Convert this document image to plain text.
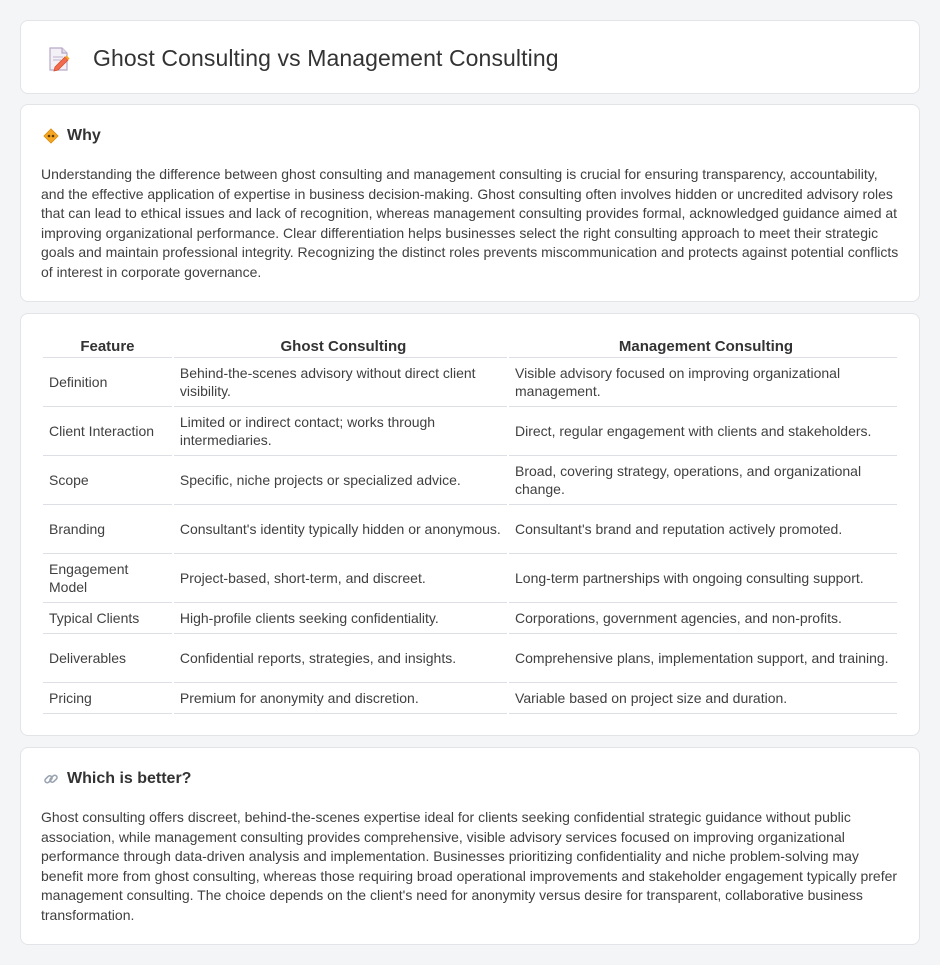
Ghost Consulting vs Management Consulting
Why

Understanding the difference between ghost consulting and management consulting is crucial for ensuring transparency, accountability, and the effective application of expertise in business decision-making. Ghost consulting often involves hidden or uncredited advisory roles that can lead to ethical issues and lack of recognition, whereas management consulting provides formal, acknowledged guidance aimed at improving organizational performance. Clear differentiation helps businesses select the right consulting approach to meet their strategic goals and maintain professional integrity. Recognizing the distinct roles prevents miscommunication and protects against potential conflicts of interest in corporate governance.

Feature	Ghost Consulting	Management Consulting
Definition	Behind-the-scenes advisory without direct client visibility.	Visible advisory focused on improving organizational management.
Client Interaction	Limited or indirect contact; works through intermediaries.	Direct, regular engagement with clients and stakeholders.
Scope	Specific, niche projects or specialized advice.	Broad, covering strategy, operations, and organizational change.
Branding	Consultant's identity typically hidden or anonymous.	Consultant's brand and reputation actively promoted.
Engagement Model	Project-based, short-term, and discreet.	Long-term partnerships with ongoing consulting support.
Typical Clients	High-profile clients seeking confidentiality.	Corporations, government agencies, and non-profits.
Deliverables	Confidential reports, strategies, and insights.	Comprehensive plans, implementation support, and training.
Pricing	Premium for anonymity and discretion.	Variable based on project size and duration.
Which is better?

Ghost consulting offers discreet, behind-the-scenes expertise ideal for clients seeking confidential strategic guidance without public association, while management consulting provides comprehensive, visible advisory services focused on improving organizational performance through data-driven analysis and implementation. Businesses prioritizing confidentiality and niche problem-solving may benefit more from ghost consulting, whereas those requiring broad operational improvements and stakeholder engagement typically prefer management consulting. The choice depends on the client's need for anonymity versus desire for transparent, collaborative business transformation.
